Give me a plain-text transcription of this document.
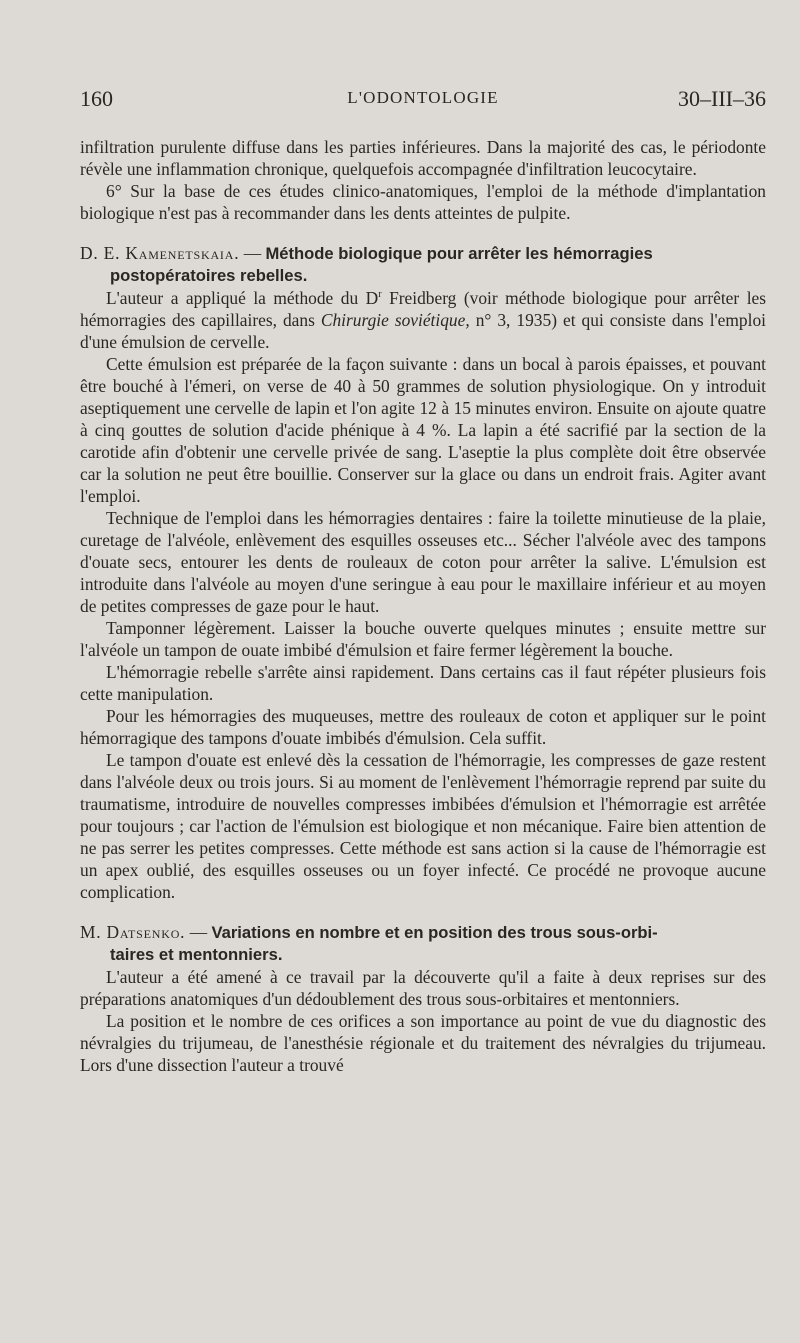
160	L'ODONTOLOGIE	30–III–36

infiltration purulente diffuse dans les parties inférieures. Dans la majorité des cas, le périodonte révèle une inflammation chronique, quelquefois accompagnée d'infiltration leucocytaire.

6° Sur la base de ces études clinico-anatomiques, l'emploi de la méthode d'implantation biologique n'est pas à recommander dans les dents atteintes de pulpite.

D. E. Kamenetskaia. — Méthode biologique pour arrêter les hémorragies
postopératoires rebelles.

L'auteur a appliqué la méthode du $D^r$ Freidberg (voir méthode biologique pour arrêter les hémorragies des capillaires, dans Chirurgie soviétique, n° 3, 1935) et qui consiste dans l'emploi d'une émulsion de cervelle.

Cette émulsion est préparée de la façon suivante : dans un bocal à parois épaisses, et pouvant être bouché à l'émeri, on verse de 40 à 50 grammes de solution physiologique. On y introduit aseptiquement une cervelle de lapin et l'on agite 12 à 15 minutes environ. Ensuite on ajoute quatre à cinq gouttes de solution d'acide phénique à 4 %. La lapin a été sacrifié par la section de la carotide afin d'obtenir une cervelle privée de sang. L'aseptie la plus complète doit être observée car la solution ne peut être bouillie. Conserver sur la glace ou dans un endroit frais. Agiter avant l'emploi.

Technique de l'emploi dans les hémorragies dentaires : faire la toilette minutieuse de la plaie, curetage de l'alvéole, enlèvement des esquilles osseuses etc... Sécher l'alvéole avec des tampons d'ouate secs, entourer les dents de rouleaux de coton pour arrêter la salive. L'émulsion est introduite dans l'alvéole au moyen d'une seringue à eau pour le maxillaire inférieur et au moyen de petites compresses de gaze pour le haut.

Tamponner légèrement. Laisser la bouche ouverte quelques minutes ; ensuite mettre sur l'alvéole un tampon de ouate imbibé d'émulsion et faire fermer légèrement la bouche.

L'hémorragie rebelle s'arrête ainsi rapidement. Dans certains cas il faut répéter plusieurs fois cette manipulation.

Pour les hémorragies des muqueuses, mettre des rouleaux de coton et appliquer sur le point hémorragique des tampons d'ouate imbibés d'émulsion. Cela suffit.

Le tampon d'ouate est enlevé dès la cessation de l'hémorragie, les compresses de gaze restent dans l'alvéole deux ou trois jours. Si au moment de l'enlèvement l'hémorragie reprend par suite du traumatisme, introduire de nouvelles compresses imbibées d'émulsion et l'hémorragie est arrêtée pour toujours ; car l'action de l'émulsion est biologique et non mécanique. Faire bien attention de ne pas serrer les petites compresses. Cette méthode est sans action si la cause de l'hémorragie est un apex oublié, des esquilles osseuses ou un foyer infecté. Ce procédé ne provoque aucune complication.

M. Datsenko. — Variations en nombre et en position des trous sous-orbi-
taires et mentonniers.

L'auteur a été amené à ce travail par la découverte qu'il a faite à deux reprises sur des préparations anatomiques d'un dédoublement des trous sous-orbitaires et mentonniers.

La position et le nombre de ces orifices a son importance au point de vue du diagnostic des névralgies du trijumeau, de l'anesthésie régionale et du traitement des névralgies du trijumeau. Lors d'une dissection l'auteur a trouvé
